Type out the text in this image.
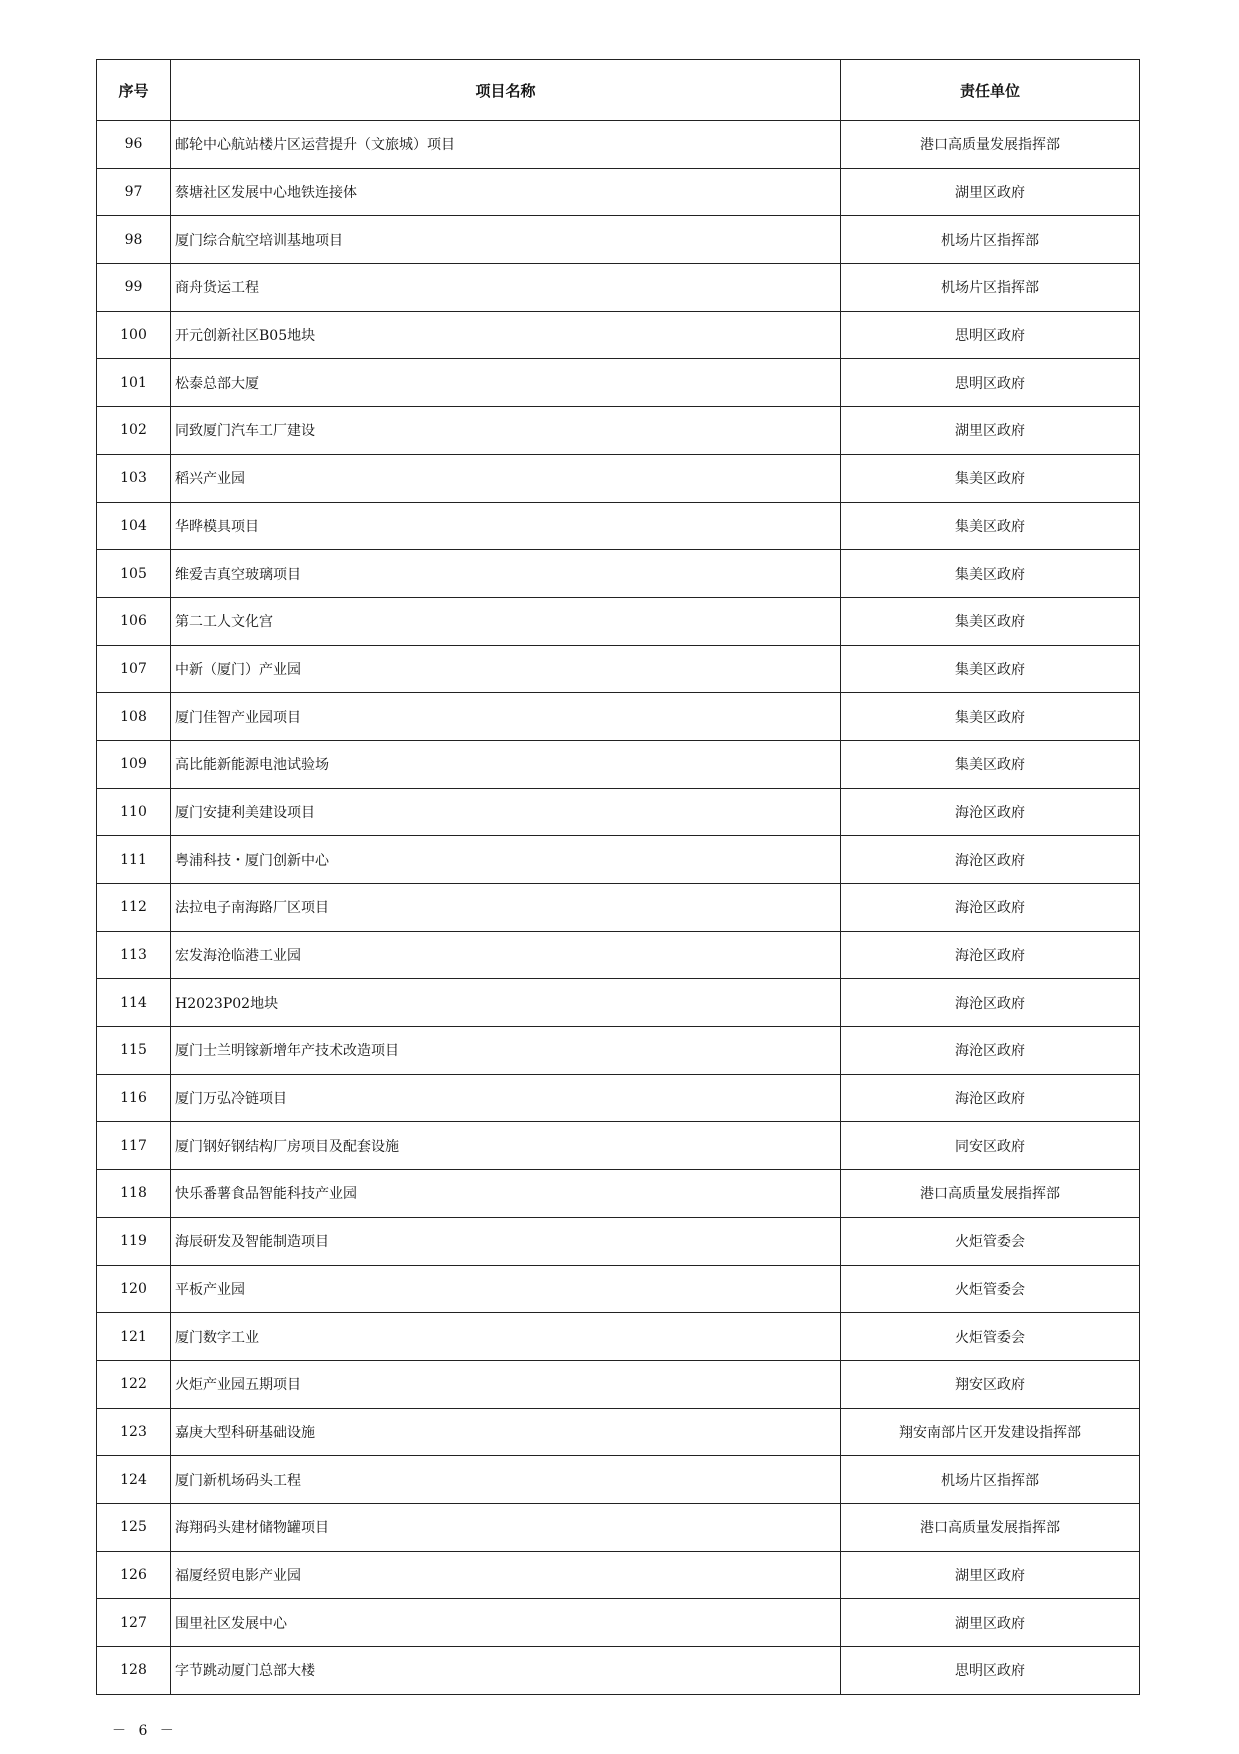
序号	项目名称	责任单位
96	邮轮中心航站楼片区运营提升（文旅城）项目	港口高质量发展指挥部
97	蔡塘社区发展中心地铁连接体	湖里区政府
98	厦门综合航空培训基地项目	机场片区指挥部
99	商舟货运工程	机场片区指挥部
100	开元创新社区B05地块	思明区政府
101	松泰总部大厦	思明区政府
102	同致厦门汽车工厂建设	湖里区政府
103	稻兴产业园	集美区政府
104	华晔模具项目	集美区政府
105	维爱吉真空玻璃项目	集美区政府
106	第二工人文化宫	集美区政府
107	中新（厦门）产业园	集美区政府
108	厦门佳智产业园项目	集美区政府
109	高比能新能源电池试验场	集美区政府
110	厦门安捷利美建设项目	海沧区政府
111	粤浦科技・厦门创新中心	海沧区政府
112	法拉电子南海路厂区项目	海沧区政府
113	宏发海沧临港工业园	海沧区政府
114	H2023P02地块	海沧区政府
115	厦门士兰明镓新增年产技术改造项目	海沧区政府
116	厦门万弘冷链项目	海沧区政府
117	厦门钢好钢结构厂房项目及配套设施	同安区政府
118	快乐番薯食品智能科技产业园	港口高质量发展指挥部
119	海辰研发及智能制造项目	火炬管委会
120	平板产业园	火炬管委会
121	厦门数字工业	火炬管委会
122	火炬产业园五期项目	翔安区政府
123	嘉庚大型科研基础设施	翔安南部片区开发建设指挥部
124	厦门新机场码头工程	机场片区指挥部
125	海翔码头建材储物罐项目	港口高质量发展指挥部
126	福厦经贸电影产业园	湖里区政府
127	围里社区发展中心	湖里区政府
128	字节跳动厦门总部大楼	思明区政府
－ 6 －
